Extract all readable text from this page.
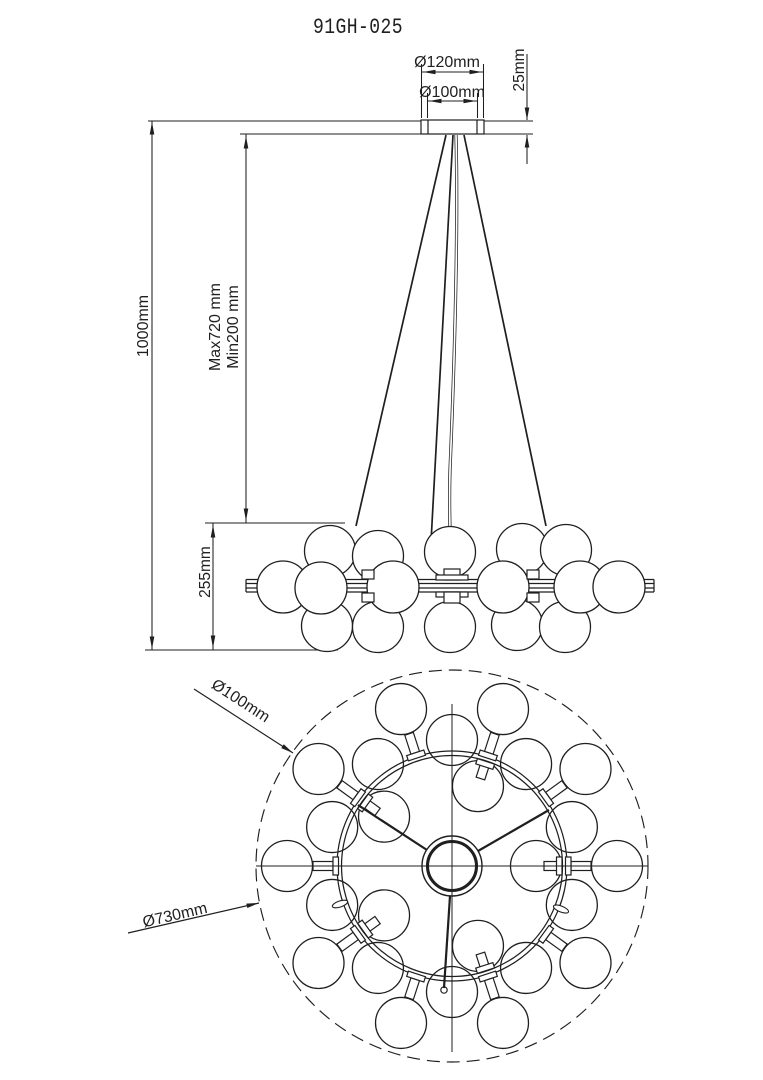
91GH-025
Ø120mm
Ø100mm
25mm
1000mm	Max720 mm Min200 mm
255mm
Ø100mm
Ø730mm
